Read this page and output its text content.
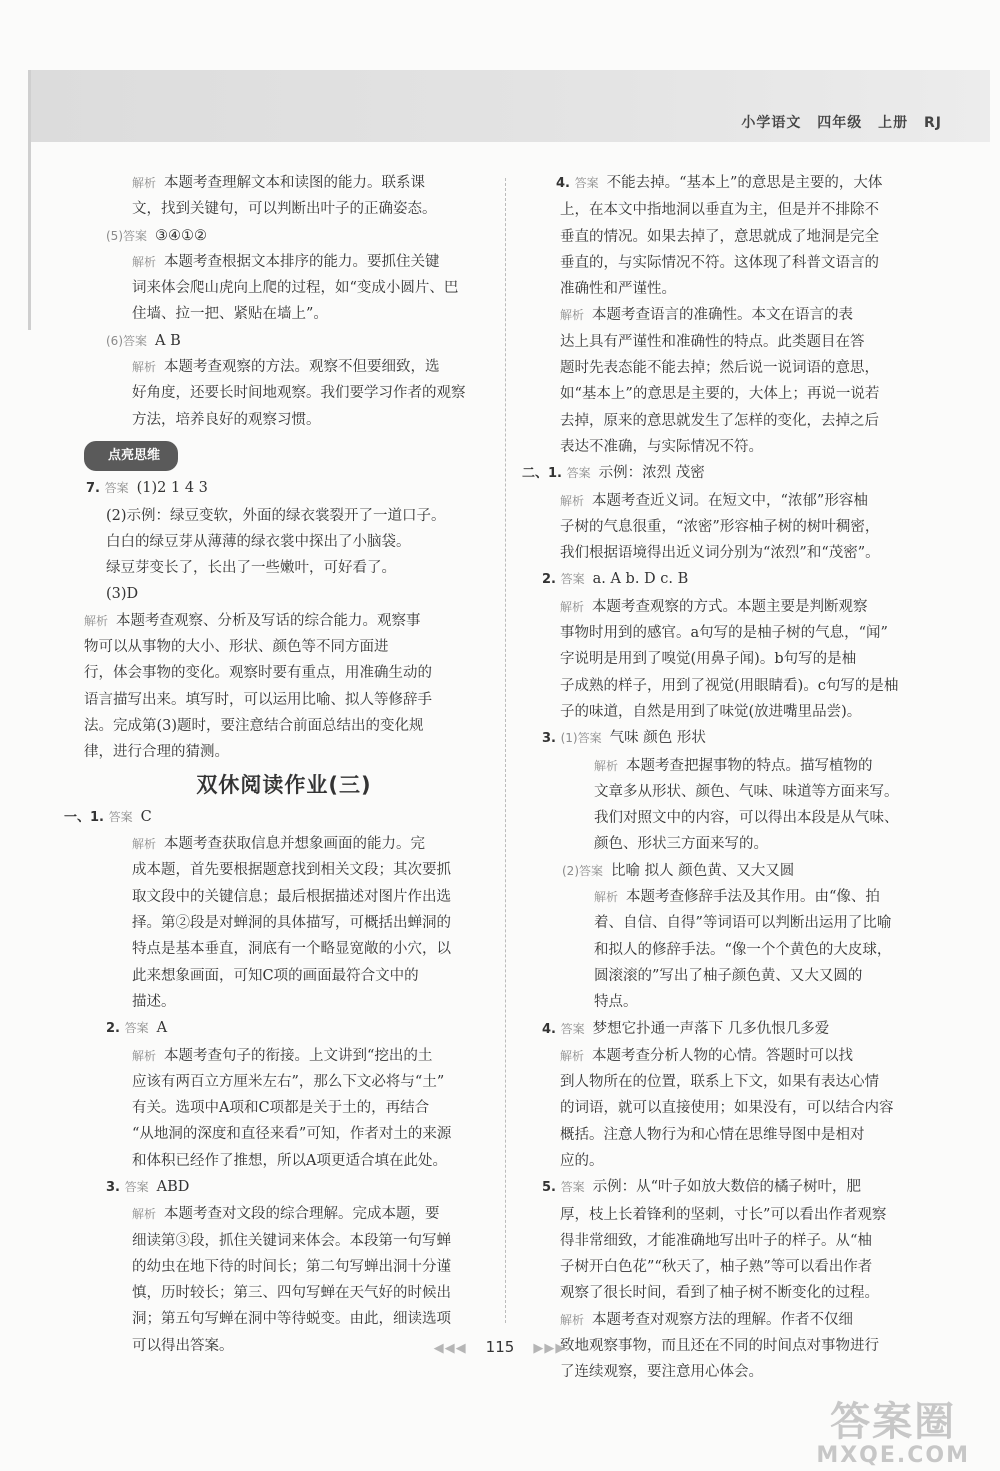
小学语文 四年级 上册 RJ

解析 本题考查理解文本和读图的能力。联系课

文，找到关键句，可以判断出叶子的正确姿态。

(5)答案 ③④①②

解析 本题考查根据文本排序的能力。要抓住关键

词来体会爬山虎向上爬的过程，如“变成小圆片、巴

住墙、拉一把、紧贴在墙上”。

(6)答案 A B

解析 本题考查观察的方法。观察不但要细致，选

好角度，还要长时间地观察。我们要学习作者的观察

方法，培养良好的观察习惯。

点亮思维

7. 答案 (1)2 1 4 3

(2)示例：绿豆变软，外面的绿衣裳裂开了一道口子。

白白的绿豆芽从薄薄的绿衣裳中探出了小脑袋。

绿豆芽变长了，长出了一些嫩叶，可好看了。

(3)D

解析 本题考查观察、分析及写话的综合能力。观察事

物可以从事物的大小、形状、颜色等不同方面进

行，体会事物的变化。观察时要有重点，用准确生动的

语言描写出来。填写时，可以运用比喻、拟人等修辞手

法。完成第(3)题时，要注意结合前面总结出的变化规

律，进行合理的猜测。

双休阅读作业(三)

一、1. 答案 C

解析 本题考查获取信息并想象画面的能力。完

成本题，首先要根据题意找到相关文段；其次要抓

取文段中的关键信息；最后根据描述对图片作出选

择。第②段是对蝉洞的具体描写，可概括出蝉洞的

特点是基本垂直，洞底有一个略显宽敞的小穴，以

此来想象画面，可知C项的画面最符合文中的

描述。

2. 答案 A

解析 本题考查句子的衔接。上文讲到“挖出的土

应该有两百立方厘米左右”，那么下文必将与“土”

有关。选项中A项和C项都是关于土的，再结合

“从地洞的深度和直径来看”可知，作者对土的来源

和体积已经作了推想，所以A项更适合填在此处。

3. 答案 ABD

解析 本题考查对文段的综合理解。完成本题，要

细读第③段，抓住关键词来体会。本段第一句写蝉

的幼虫在地下待的时间长；第二句写蝉出洞十分谨

慎，历时较长；第三、四句写蝉在天气好的时候出

洞；第五句写蝉在洞中等待蜕变。由此，细读选项

可以得出答案。

4. 答案 不能去掉。“基本上”的意思是主要的，大体

上，在本文中指地洞以垂直为主，但是并不排除不

垂直的情况。如果去掉了，意思就成了地洞是完全

垂直的，与实际情况不符。这体现了科普文语言的

准确性和严谨性。

解析 本题考查语言的准确性。本文在语言的表

达上具有严谨性和准确性的特点。此类题目在答

题时先表态能不能去掉；然后说一说词语的意思，

如“基本上”的意思是主要的，大体上；再说一说若

去掉，原来的意思就发生了怎样的变化，去掉之后

表达不准确，与实际情况不符。

二、1. 答案 示例：浓烈 茂密

解析 本题考查近义词。在短文中，“浓郁”形容柚

子树的气息很重，“浓密”形容柚子树的树叶稠密，

我们根据语境得出近义词分别为“浓烈”和“茂密”。

2. 答案 a. A b. D c. B

解析 本题考查观察的方式。本题主要是判断观察

事物时用到的感官。a句写的是柚子树的气息，“闻”

字说明是用到了嗅觉(用鼻子闻)。b句写的是柚

子成熟的样子，用到了视觉(用眼睛看)。c句写的是柚

子的味道，自然是用到了味觉(放进嘴里品尝)。

3. (1)答案 气味 颜色 形状

解析 本题考查把握事物的特点。描写植物的

文章多从形状、颜色、气味、味道等方面来写。

我们对照文中的内容，可以得出本段是从气味、

颜色、形状三方面来写的。

(2)答案 比喻 拟人 颜色黄、又大又圆

解析 本题考查修辞手法及其作用。由“像、拍

着、自信、自得”等词语可以判断出运用了比喻

和拟人的修辞手法。“像一个个黄色的大皮球，

圆滚滚的”写出了柚子颜色黄、又大又圆的

特点。

4. 答案 梦想它扑通一声落下 几多仇恨几多爱

解析 本题考查分析人物的心情。答题时可以找

到人物所在的位置，联系上下文，如果有表达心情

的词语，就可以直接使用；如果没有，可以结合内容

概括。注意人物行为和心情在思维导图中是相对

应的。

5. 答案 示例：从“叶子如放大数倍的橘子树叶，肥

厚，枝上长着锋利的坚刺，寸长”可以看出作者观察

得非常细致，才能准确地写出叶子的样子。从“柚

子树开白色花”“秋天了，柚子熟”等可以看出作者

观察了很长时间，看到了柚子树不断变化的过程。

解析 本题考查对观察方法的理解。作者不仅细

致地观察事物，而且还在不同的时间点对事物进行

了连续观察，要注意用心体会。

◀◀◀ 115 ▶▶▶
答案圈
MXQE.COM
